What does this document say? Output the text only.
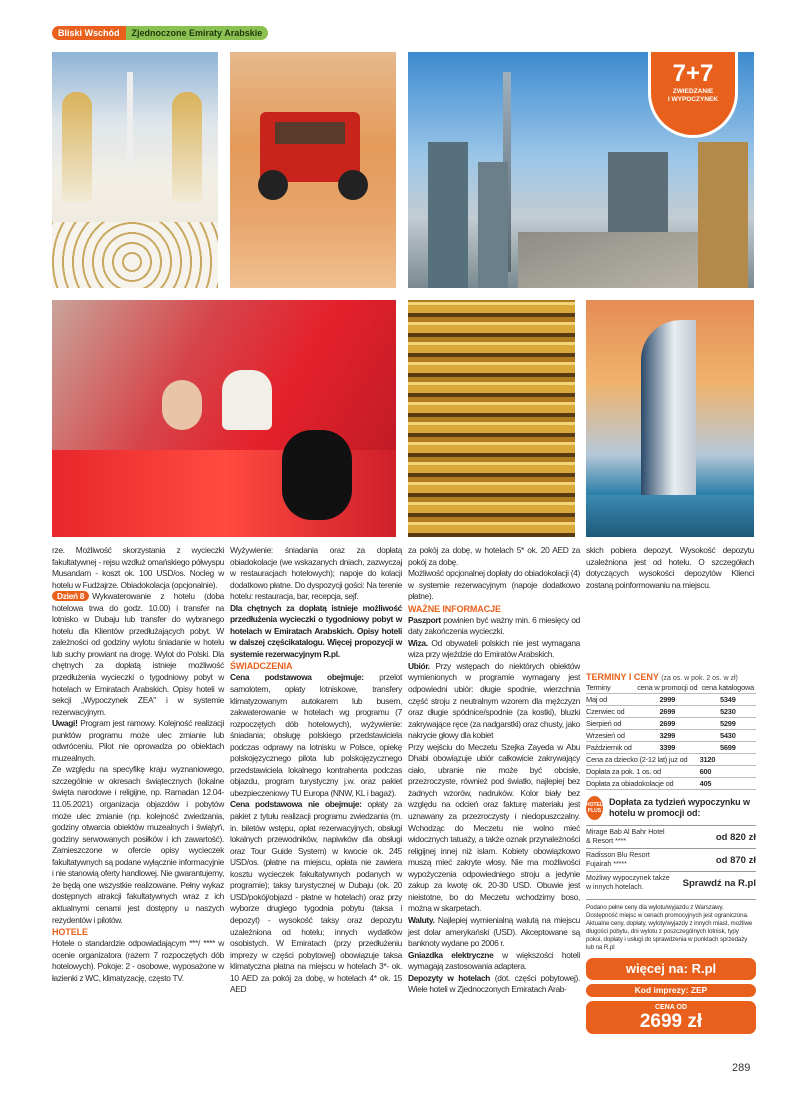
Bliski Wschód	Zjednoczone Emiraty Arabskie
7+7
ZWIEDZANIE
I WYPOCZYNEK

rze. Możliwość skorzystania z wycieczki fakultatywnej - rejsu wzdłuż omańskiego półwyspu Musandam - koszt ok. 100 USD/os. Nocleg w hotelu w Fudżajrze. Obiadokolacja (opcjonalnie).

Dzień 8 Wykwaterowanie z hotelu (doba hotelowa trwa do godz. 10.00) i transfer na lotnisko w Dubaju lub transfer do wybranego hotelu dla Klientów przedłużających pobyt. W zależności od godziny wylotu śniadanie w hotelu lub suchy prowiant na drogę. Wylot do Polski. Dla chętnych za dopłatą istnieje możliwość przedłużenia wycieczki o tygodniowy pobyt w hotelach w Emiratach Arabskich. Opisy hoteli w sekcji „Wypoczynek ZEA" i w systemie rezerwacyjnym.

Uwagi! Program jest ramowy. Kolejność realizacji punktów programu może ulec zmianie lub odwróceniu. Pilot nie oprowadza po obiektach muzealnych.

Ze względu na specyfikę kraju wyznaniowego, szczególnie w okresach świątecznych (lokalne święta narodowe i religijne, np. Ramadan 12.04-11.05.2021) organizacja objazdów i pobytów może ulec zmianie (np. kolejność zwiedzania, godziny otwarcia obiektów muzealnych i świątyń, godziny serwowanych posiłków i ich zawartość). Zamieszczone w ofercie opisy wycieczek fakultatywnych są podane wyłącznie informacyjnie i nie stanowią oferty handlowej. Nie gwarantujemy, że będą one wszystkie realizowane. Pełny wykaz dostępnych atrakcji fakultatywnych wraz z ich aktualnymi cenami jest dostępny u naszych rezydentów i pilotów.

HOTELE

Hotele o standardzie odpowiadającym ***/ **** w ocenie organizatora (razem 7 rozpoczętych dób hotelowych). Pokoje: 2 - osobowe, wyposażone w łazienki z WC, klimatyzację, często TV.

Wyżywienie: śniadania oraz za dopłatą obiadokolacje (we wskazanych dniach, zazwyczaj w restauracjach hotelowych); napoje do kolacji dodatkowo płatne. Do dyspozycji gości: Na terenie hotelu: restauracja, bar, recepcja, sejf.

Dla chętnych za dopłatą istnieje możliwość przedłużenia wycieczki o tygodniowy pobyt w hotelach w Emiratach Arabskich. Opisy hoteli w dalszej częścikatalogu. Więcej propozycji w systemie rezerwacyjnym R.pl.

ŚWIADCZENIA

Cena podstawowa obejmuje: przelot samolotem, opłaty lotniskowe, transfery klimatyzowanym autokarem lub busem, zakwaterowanie w hotelach wg programu (7 rozpoczętych dób hotelowych), wyżywienie: śniadania; obsługę polskiego przedstawiciela podczas odprawy na lotnisku w Polsce, opiekę polskojęzycznego pilota lub polskojęzycznego przedstawiciela lokalnego kontrahenta podczas objazdu, program turystyczny j.w. oraz pakiet ubezpieczeniowy TU Europa (NNW, KL i bagaż).

Cena podstawowa nie obejmuje: opłaty za pakiet z tytułu realizacji programu zwiedzania (m. in. biletów wstępu, opłat rezerwacyjnych, obsługi lokalnych przewodników, napiwków dla obsługi oraz Tour Guide System) w kwocie ok. 245 USD/os. (płatne na miejscu, opłata nie zawiera kosztu wycieczek fakultatywnych podanych w programie); taksy turystycznej w Dubaju (ok. 20 USD/pokój/objazd - płatne w hotelach) oraz przy wyborze drugiego tygodnia pobytu (taksa i depozyt) - wysokość taksy oraz depozytu uzależniona od hotelu; innych wydatków osobistych. W Emiratach (przy przedłużeniu imprezy w części pobytowej) obowiązuje taksa klimatyczna płatna na miejscu w hotelach 3*- ok. 10 AED za pokój za dobę, w hotelach 4* ok. 15 AED

za pokój za dobę, w hotelach 5* ok. 20 AED za pokój za dobę.

Możliwość opcjonalnej dopłaty do obiadokolacji (4) w systemie rezerwacyjnym (napoje dodatkowo płatne).

WAŻNE INFORMACJE

Paszport powinien być ważny min. 6 miesięcy od daty zakończenia wycieczki.

Wiza. Od obywateli polskich nie jest wymagana wiza przy wjeździe do Emiratów Arabskich.

Ubiór. Przy wstępach do niektórych obiektów wymienionych w programie wymagany jest odpowiedni ubiór: długie spodnie, wierzchnia część stroju z neutralnym wzorem dla mężczyzn oraz długie spódnice/spodnie (za kostki), bluzki zakrywające ręce (za nadgarstki) oraz chusty, jako nakrycie głowy dla kobiet

Przy wejściu do Meczetu Szejka Zayeda w Abu Dhabi obowiązuje ubiór całkowicie zakrywający ciało, ubranie nie może być obcisłe, przezroczyste, również pod światło, najlepiej bez żadnych wzorów, nadruków. Kolor biały bez względu na odcień oraz fakturę materiału jest uznawany za przezroczysty i niedopuszczalny. Wchodząc do Meczetu nie wolno mieć widocznych tatuaży, a także oznak przynależności religijnej innej niż islam. Kobiety obowiązkowo muszą mieć zakryte włosy. Nie ma możliwości wypożyczenia odpowiedniego stroju a jedynie zakup za kwotę ok. 20-30 USD. Obuwie jest nieistotne, bo do Meczetu wchodzimy boso, można w skarpetach.

Waluty. Najlepiej wymienialną walutą na miejscu jest dolar amerykański (USD). Akceptowane są banknoty wydane po 2006 r.

Gniazdka elektryczne w większości hoteli wymagają zastosowania adaptera.

Depozyty w hotelach (dot. części pobytowej). Wiele hoteli w Zjednoczonych Emiratach Arab-

skich pobiera depozyt. Wysokość depozytu uzależniona jest od hotelu. O szczegółach dotyczących wysokości depozytów Klienci zostaną poinformowaniu na miejscu.

TERMINY I CENY (za os. w pok. 2 os. w zł)
Terminy	cena w promocji od	cena katalogowa
Maj od	2999	5349
Czerwiec od	2699	5230
Sierpień od	2699	5299
Wrzesień od	3299	5430
Październik od	3399	5699
Cena za dziecko (2-12 lat) już od		3120
Dopłata za pok. 1 os. od		600
Dopłata za obiadokolacje od		405
HOTEL
PLUS
Dopłata za tydzień wypoczynku w hotelu w promocji od:
Mirage Bab Al Bahr Hotel & Resort ****	od 820 zł
Radisson Blu Resort Fujairah *****	od 870 zł
Możliwy wypoczynek także w innych hotelach.	Sprawdź na R.pl
Podano pełne ceny dla wylotu/wyjazdu z Warszawy. Dostępność miejsc w cenach promocyjnych jest ograniczona. Aktualne ceny, dopłaty, wyloty/wyjazdy z innych miast, możliwe długości pobytu, dni wylotu z poszczególnych lotnisk, typy pokoi, dopłaty i usługi do sprawdzenia w punktach sprzedaży lub na R.pl
więcej na: R.pl
Kod imprezy: ZEP
CENA OD
2699 zł
289
